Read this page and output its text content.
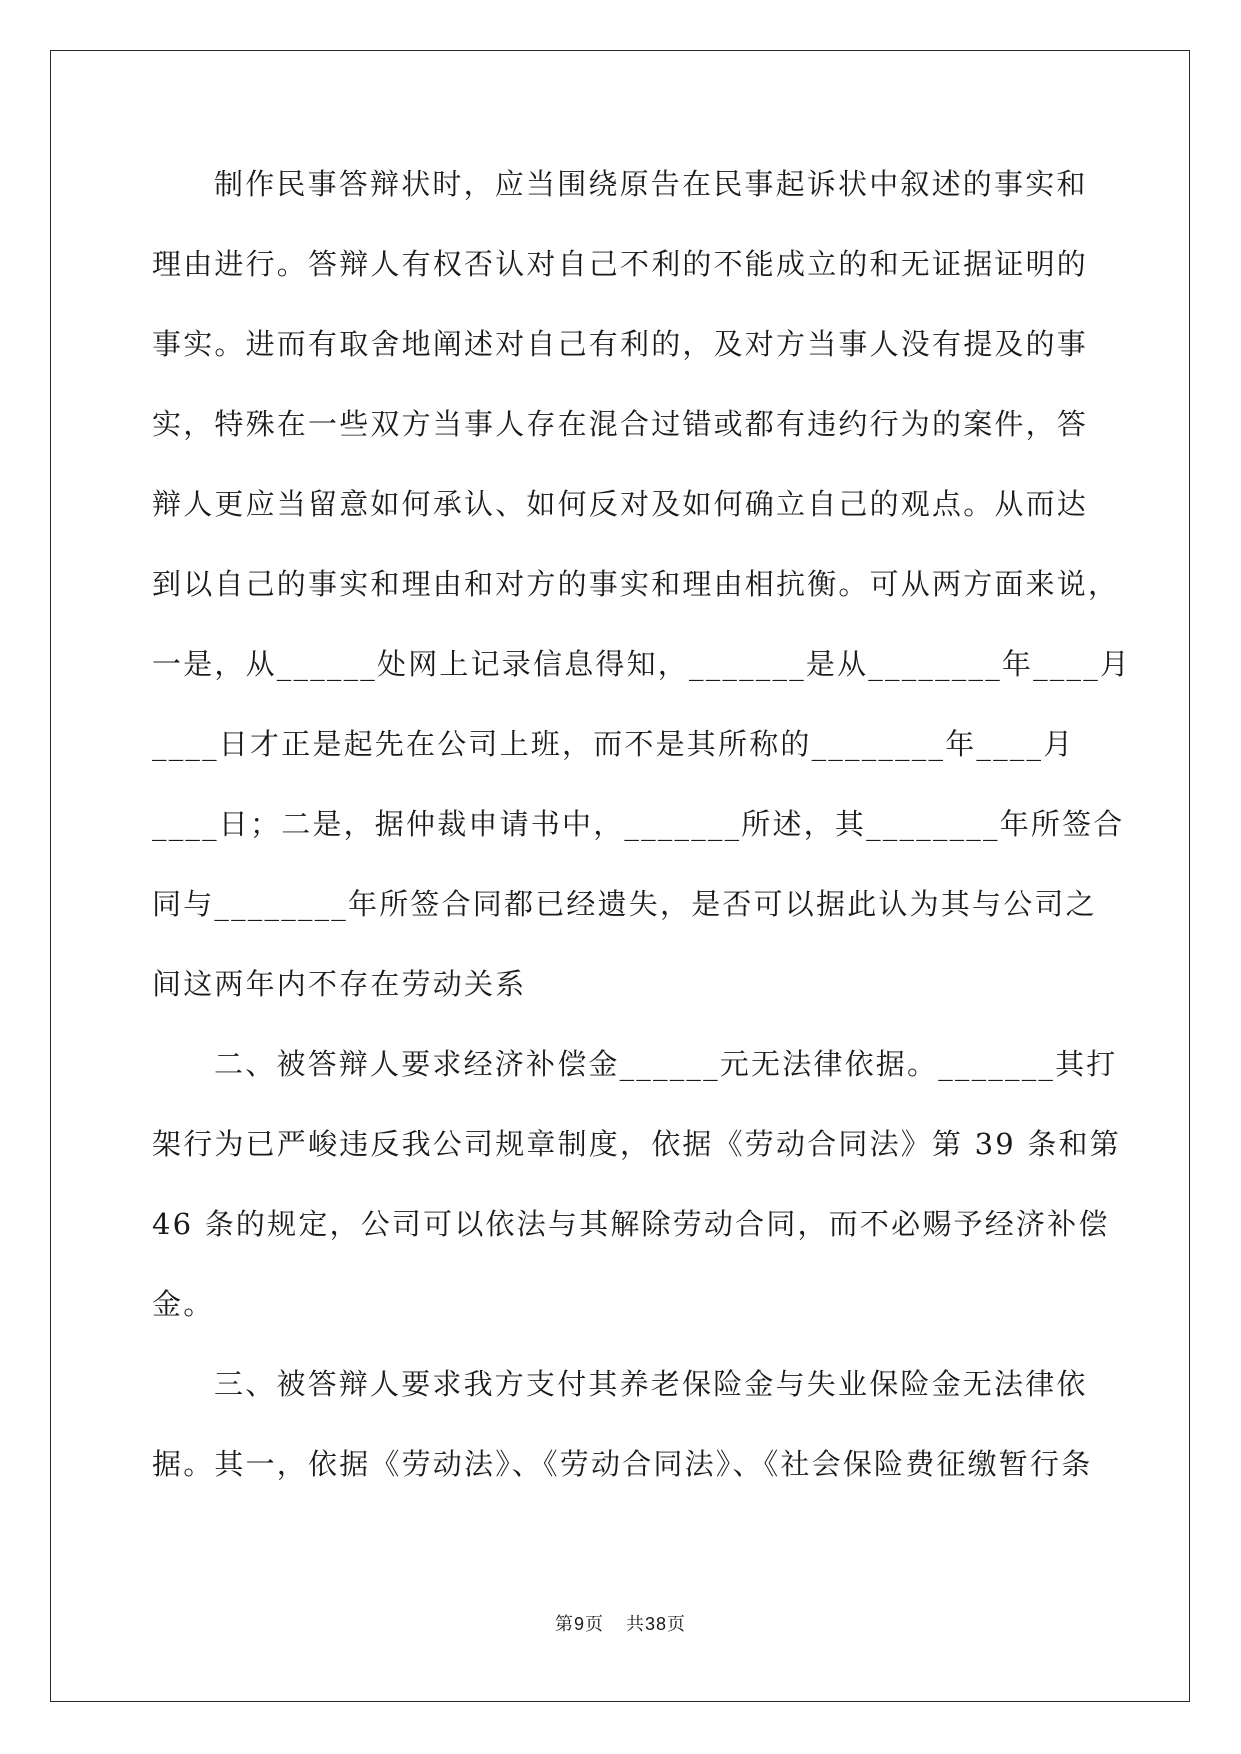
制作民事答辩状时，应当围绕原告在民事起诉状中叙述的事实和
理由进行。答辩人有权否认对自己不利的不能成立的和无证据证明的
事实。进而有取舍地阐述对自己有利的，及对方当事人没有提及的事
实，特殊在一些双方当事人存在混合过错或都有违约行为的案件，答
辩人更应当留意如何承认、如何反对及如何确立自己的观点。从而达
到以自己的事实和理由和对方的事实和理由相抗衡。可从两方面来说，
一是，从______处网上记录信息得知，_______是从________年____月
____日才正是起先在公司上班，而不是其所称的________年____月
____日；二是，据仲裁申请书中，_______所述，其________年所签合
同与________年所签合同都已经遗失，是否可以据此认为其与公司之
间这两年内不存在劳动关系
二、被答辩人要求经济补偿金______元无法律依据。_______其打
架行为已严峻违反我公司规章制度，依据《劳动合同法》第 39 条和第
46 条的规定，公司可以依法与其解除劳动合同，而不必赐予经济补偿
金。
三、被答辩人要求我方支付其养老保险金与失业保险金无法律依
据。其一，依据《劳动法》、《劳动合同法》、《社会保险费征缴暂行条
第9页 共38页
